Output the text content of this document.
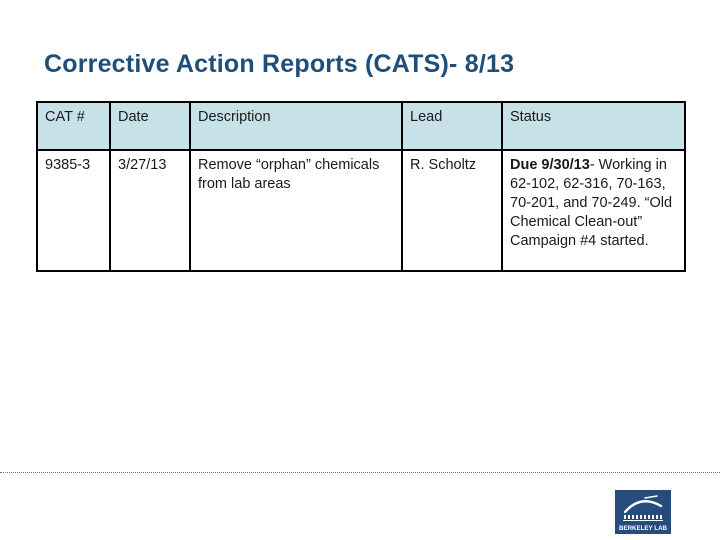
Corrective Action Reports (CATS)- 8/13
CAT #	Date	Description	Lead	Status
9385-3	3/27/13	Remove “orphan” chemicals from lab areas	R. Scholtz	Due 9/30/13- Working in 62-102, 62-316, 70-163, 70-201, and 70-249. “Old Chemical Clean-out” Campaign #4 started.
BERKELEY LAB
